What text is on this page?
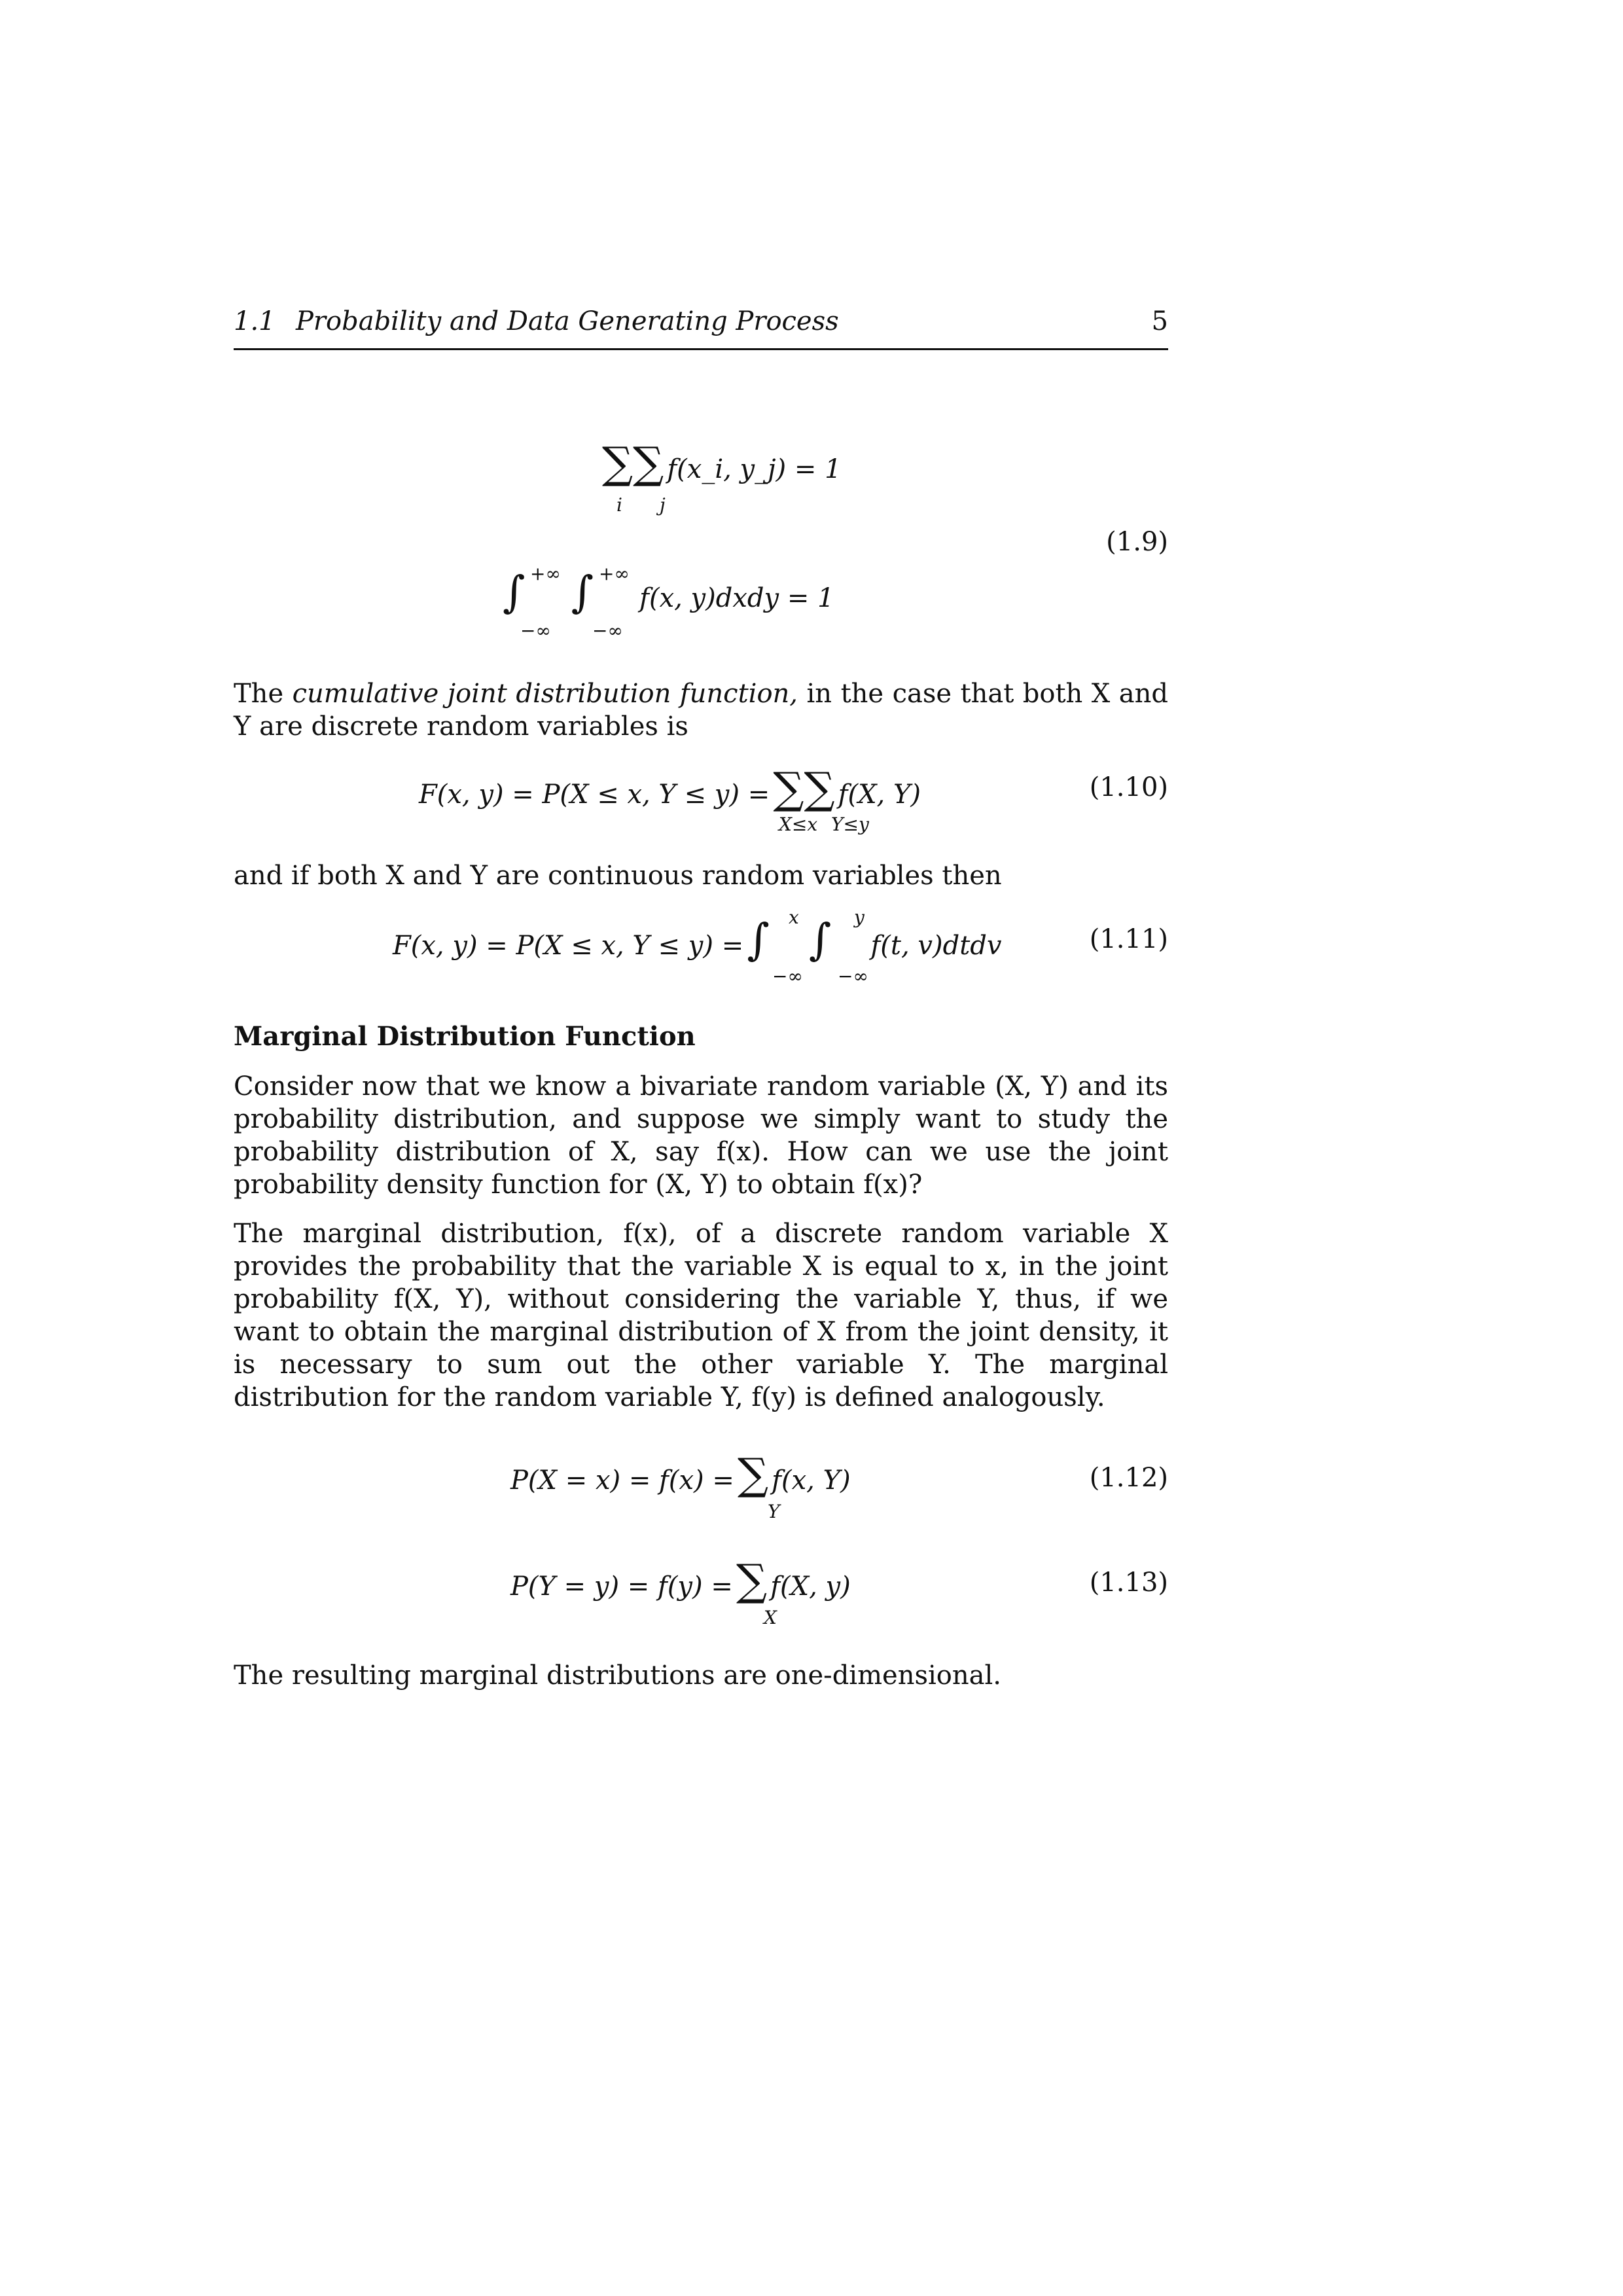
1.1 Probability and Data Generating Process	5
∑∑ f(x_i, y_j) = 1
i j
+∞ +∞
∫ ∫ f(x, y)dxdy = 1
−∞ −∞
(1.9)
The cumulative joint distribution function, in the case that both X and Y are discrete random variables is
F(x, y) = P(X ≤ x, Y ≤ y) = ∑∑ f(X, Y)
X≤x Y≤y
(1.10)
and if both X and Y are continuous random variables then
x	y
F(x, y) = P(X ≤ x, Y ≤ y) = ∫ ∫ f(t, v)dtdv
−∞ −∞
(1.11)
Marginal Distribution Function
Consider now that we know a bivariate random variable (X, Y) and its probability distribution, and suppose we simply want to study the probability distribution of X, say f(x). How can we use the joint probability density function for (X, Y) to obtain f(x)?
The marginal distribution, f(x), of a discrete random variable X provides the probability that the variable X is equal to x, in the joint probability f(X, Y), without considering the variable Y, thus, if we want to obtain the marginal distribution of X from the joint density, it is necessary to sum out the other variable Y. The marginal distribution for the random variable Y, f(y) is defined analogously.
P(X = x) = f(x) = ∑ f(x, Y)
Y
(1.12)
P(Y = y) = f(y) = ∑ f(X, y)
X
(1.13)
The resulting marginal distributions are one-dimensional.
